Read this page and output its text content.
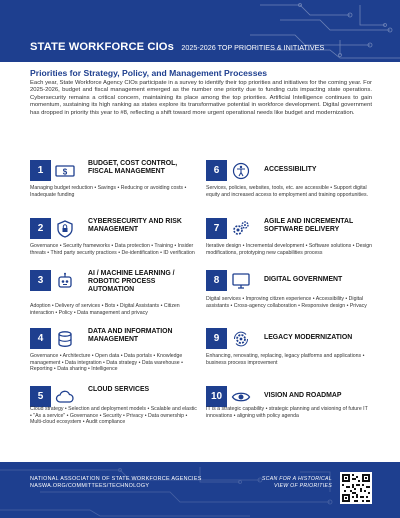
STATE WORKFORCE CIOs 2025-2026 TOP PRIORITIES & INITIATIVES
Priorities for Strategy, Policy, and Management Processes
Each year, State Workforce Agency CIOs participate in a survey to identify their top priorities and initiatives for the coming year. For 2025-2026, budget and fiscal management emerged as the number one priority due to funding cuts impacting state operations. Cybersecurity remains a critical concern, maintaining its place among the top priorities. Artificial Intelligence continues to gain momentum, sustaining its high ranking as states explore its transformative potential in workforce development. Digital government has dropped in priority this year to #8, reflecting a shift toward more urgent operational needs like budget and modernization.
1	$
BUDGET, COST CONTROL, FISCAL MANAGEMENT
Managing budget reduction • Savings • Reducing or avoiding costs • Inadequate funding
2
CYBERSECURITY AND RISK MANAGEMENT
Governance • Security frameworks • Data protection • Training • Insider threats • Third party security practices • De-identification • ID verification
3
AI / MACHINE LEARNING / ROBOTIC PROCESS AUTOMATION
Adoption • Delivery of services • Bots • Digital Assistants • Citizen interaction • Policy • Data management and privacy
4
DATA AND INFORMATION MANAGEMENT
Governance • Architecture • Open data • Data portals • Knowledge management • Data integration • Data strategy • Data warehouse • Reporting • Data sharing • Intelligence
5
CLOUD SERVICES
Cloud strategy • Selection and deployment models • Scalable and elastic • "As a service" • Governance • Security • Privacy • Data ownership • Multi-cloud ecosystem • Audit compliance
6	ACCESSIBILITY
Services, policies, websites, tools, etc. are accessible • Support digital equity and increased access to employment and training opportunities.
7
AGILE AND INCREMENTAL SOFTWARE DELIVERY
Iterative design • Incremental development • Software solutions • Design modifications, prototyping new capabilities process
8	DIGITAL GOVERNMENT
Digital services • Improving citizen experience • Accessibility • Digital assistants • Cross-agency collaboration • Responsive design • Privacy
9	LEGACY MODERNIZATION
Enhancing, renovating, replacing, legacy platforms and applications • business process improvement
10	VISION AND ROADMAP
IT is a strategic capability • strategic planning and visioning of future IT innovations • aligning with policy agenda
NATIONAL ASSOCIATION OF STATE WORKFORCE AGENCIES
NASWA.ORG/COMMITTEES/TECHNOLOGY
SCAN FOR A HISTORICAL
VIEW OF PRIORITIES
